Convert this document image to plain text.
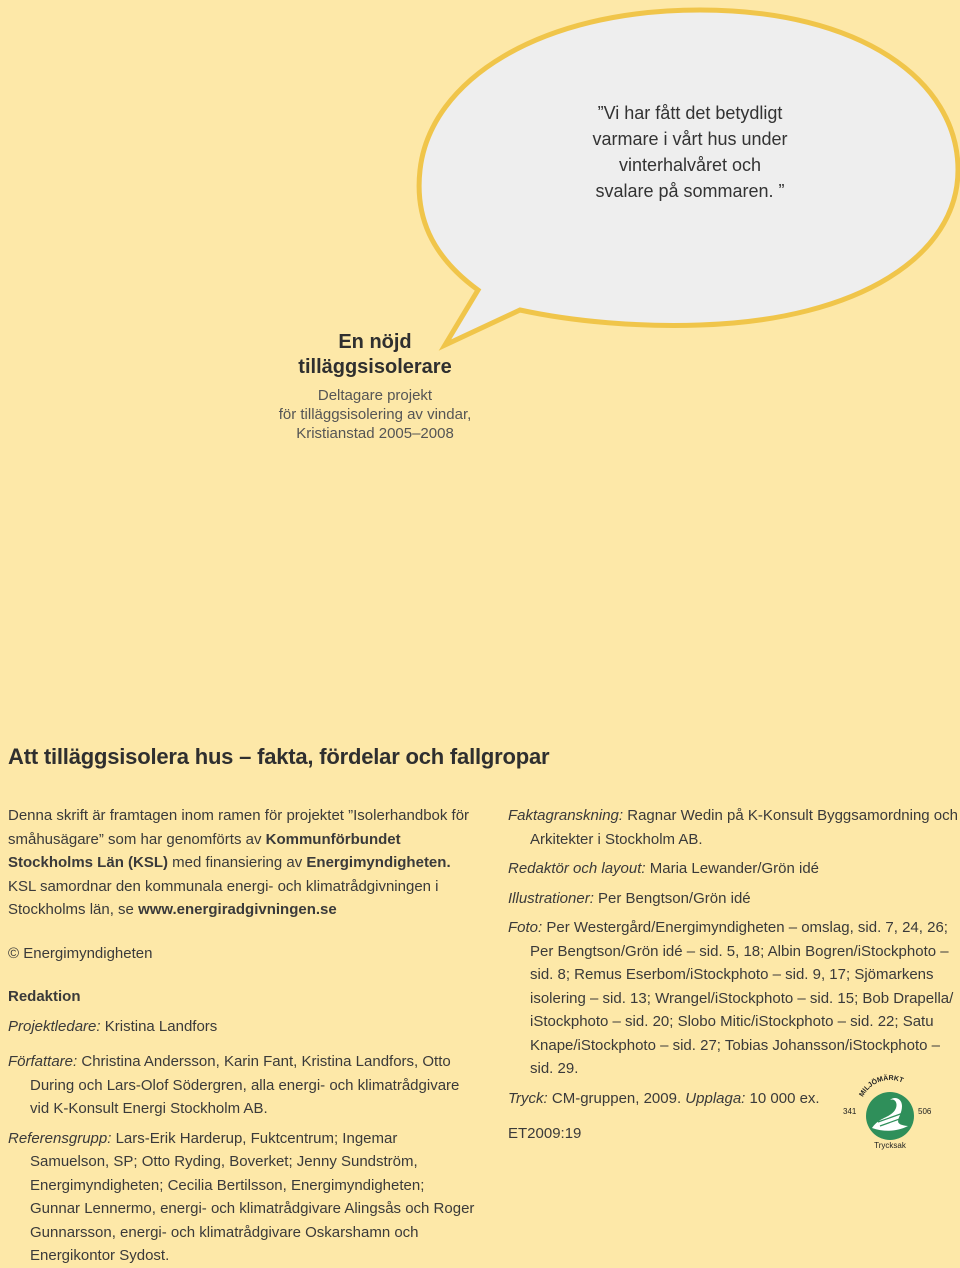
”Vi har fått det betydligt
varmare i vårt hus under
vinterhalvåret och
svalare på sommaren. ”
En nöjd
tilläggsisolerare
Deltagare projekt
för tilläggsisolering av vindar,
Kristianstad 2005–2008
Att tilläggsisolera hus – fakta, fördelar och fallgropar

Denna skrift är framtagen inom ramen för projektet ”Isolerhandbok för småhusägare” som har genomförts av Kommunförbundet Stockholms Län (KSL) med finansiering av Energimyndigheten. KSL samordnar den kommunala energi- och klimatrådgivningen i Stockholms län, se www.energiradgivningen.se

© Energimyndigheten

Redaktion

Projektledare: Kristina Landfors

Författare: Christina Andersson, Karin Fant, Kristina Landfors, Otto During och Lars-Olof Södergren, alla energi- och klimatrådgivare vid K-Konsult Energi Stockholm AB.

Referensgrupp: Lars-Erik Harderup, Fuktcentrum; Ingemar Samuelson, SP; Otto Ryding, Boverket; Jenny Sundström, Energimyndigheten; Cecilia Bertilsson, Energimyndigheten; Gunnar Lennermo, energi- och klimatrådgivare Alingsås och Roger Gunnarsson, energi- och klimatrådgivare Oskarshamn och Energikontor Sydost.

Faktagranskning: Ragnar Wedin på K-Konsult Byggsamordning och Arkitekter i Stockholm AB.

Redaktör och layout: Maria Lewander/Grön idé

Illustrationer: Per Bengtson/Grön idé

Foto: Per Westergård/Energimyndigheten – omslag, sid. 7, 24, 26; Per Bengtson/Grön idé – sid. 5, 18; Albin Bogren/iStockphoto – sid. 8; Remus Eserbom/iStockphoto – sid. 9, 17; Sjömarkens isolering – sid. 13; Wrangel/iStockphoto – sid. 15; Bob Drapella/ iStockphoto – sid. 20; Slobo Mitic/iStockphoto – sid. 22; Satu Knape/iStockphoto – sid. 27; Tobias Johansson/iStockphoto – sid. 29.

Tryck: CM-gruppen, 2009. Upplaga: 10 000 ex.

ET2009:19

MILJÖMÄRKT
341	506
Trycksak
